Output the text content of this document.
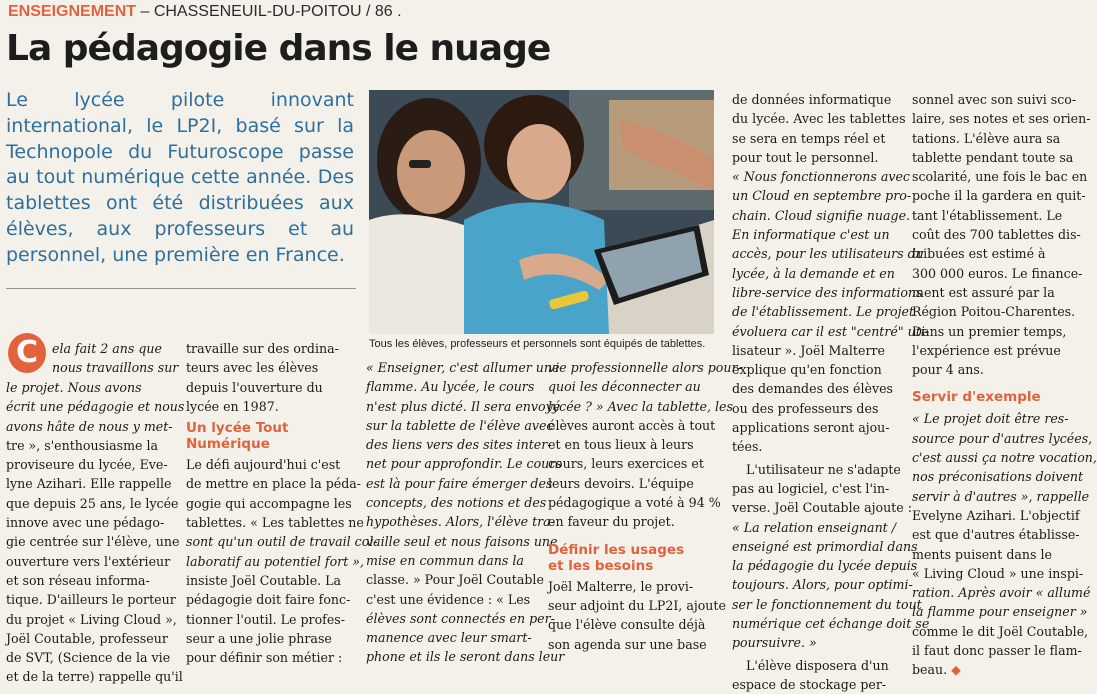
ENSEIGNEMENT – CHASSENEUIL-DU-POITOU / 86 .
La pédagogie dans le nuage
Le lycée pilote innovant international, le LP2I, basé sur la Technopole du Futuroscope passe au tout numérique cette année. Des tablettes ont été distribuées aux élèves, aux professeurs et au personnel, une première en France.
Tous les élèves, professeurs et personnels sont équipés de tablettes.
C	ela fait 2 ans que
nous travaillons sur
le projet. Nous avons
écrit une pédagogie et nous
avons hâte de nous y met-
tre », s'enthousiasme la
proviseure du lycée, Eve-
lyne Azihari. Elle rappelle
que depuis 25 ans, le lycée
innove avec une pédago-
gie centrée sur l'élève, une
ouverture vers l'extérieur
et son réseau informa-
tique. D'ailleurs le porteur
du projet « Living Cloud »,
Joël Coutable, professeur
de SVT, (Science de la vie
et de la terre) rappelle qu'il
travaille sur des ordina-
teurs avec les élèves
depuis l'ouverture du
lycée en 1987.
Un lycée Tout Numérique
Le défi aujourd'hui c'est
de mettre en place la péda-
gogie qui accompagne les
tablettes. « Les tablettes ne
sont qu'un outil de travail col-
laboratif au potentiel fort »,
insiste Joël Coutable. La
pédagogie doit faire fonc-
tionner l'outil. Le profes-
seur a une jolie phrase
pour définir son métier :
« Enseigner, c'est allumer une
flamme. Au lycée, le cours
n'est plus dicté. Il sera envoyé
sur la tablette de l'élève avec
des liens vers des sites inter-
net pour approfondir. Le cours
est là pour faire émerger des
concepts, des notions et des
hypothèses. Alors, l'élève tra-
vaille seul et nous faisons une
mise en commun dans la
classe. » Pour Joël Coutable
c'est une évidence : « Les
élèves sont connectés en per-
manence avec leur smart-
phone et ils le seront dans leur
vie professionnelle alors pour-
quoi les déconnecter au
lycée ? » Avec la tablette, les
élèves auront accès à tout
et en tous lieux à leurs
cours, leurs exercices et
leurs devoirs. L'équipe
pédagogique a voté à 94 %
en faveur du projet.
Définir les usages et les besoins
Joël Malterre, le provi-
seur adjoint du LP2I, ajoute
que l'élève consulte déjà
son agenda sur une base
de données informatique
du lycée. Avec les tablettes
se sera en temps réel et
pour tout le personnel.
« Nous fonctionnerons avec
un Cloud en septembre pro-
chain. Cloud signifie nuage.
En informatique c'est un
accès, pour les utilisateurs du
lycée, à la demande et en
libre-service des informations
de l'établissement. Le projet
évoluera car il est "centré" uti-
lisateur ». Joël Malterre
explique qu'en fonction
des demandes des élèves
ou des professeurs des
applications seront ajou-
tées.
L'utilisateur ne s'adapte
pas au logiciel, c'est l'in-
verse. Joël Coutable ajoute :
« La relation enseignant /
enseigné est primordial dans
la pédagogie du lycée depuis
toujours. Alors, pour optimi-
ser le fonctionnement du tout
numérique cet échange doit se
poursuivre. »
L'élève disposera d'un
espace de stockage per-
sonnel avec son suivi sco-
laire, ses notes et ses orien-
tations. L'élève aura sa
tablette pendant toute sa
scolarité, une fois le bac en
poche il la gardera en quit-
tant l'établissement. Le
coût des 700 tablettes dis-
tribuées est estimé à
300 000 euros. Le finance-
ment est assuré par la
Région Poitou-Charentes.
Dans un premier temps,
l'expérience est prévue
pour 4 ans.
Servir d'exemple
« Le projet doit être res-
source pour d'autres lycées,
c'est aussi ça notre vocation,
nos préconisations doivent
servir à d'autres », rappelle
Evelyne Azihari. L'objectif
est que d'autres établisse-
ments puisent dans le
« Living Cloud » une inspi-
ration. Après avoir « allumé
la flamme pour enseigner »
comme le dit Joël Coutable,
il faut donc passer le flam-
beau. ◆
